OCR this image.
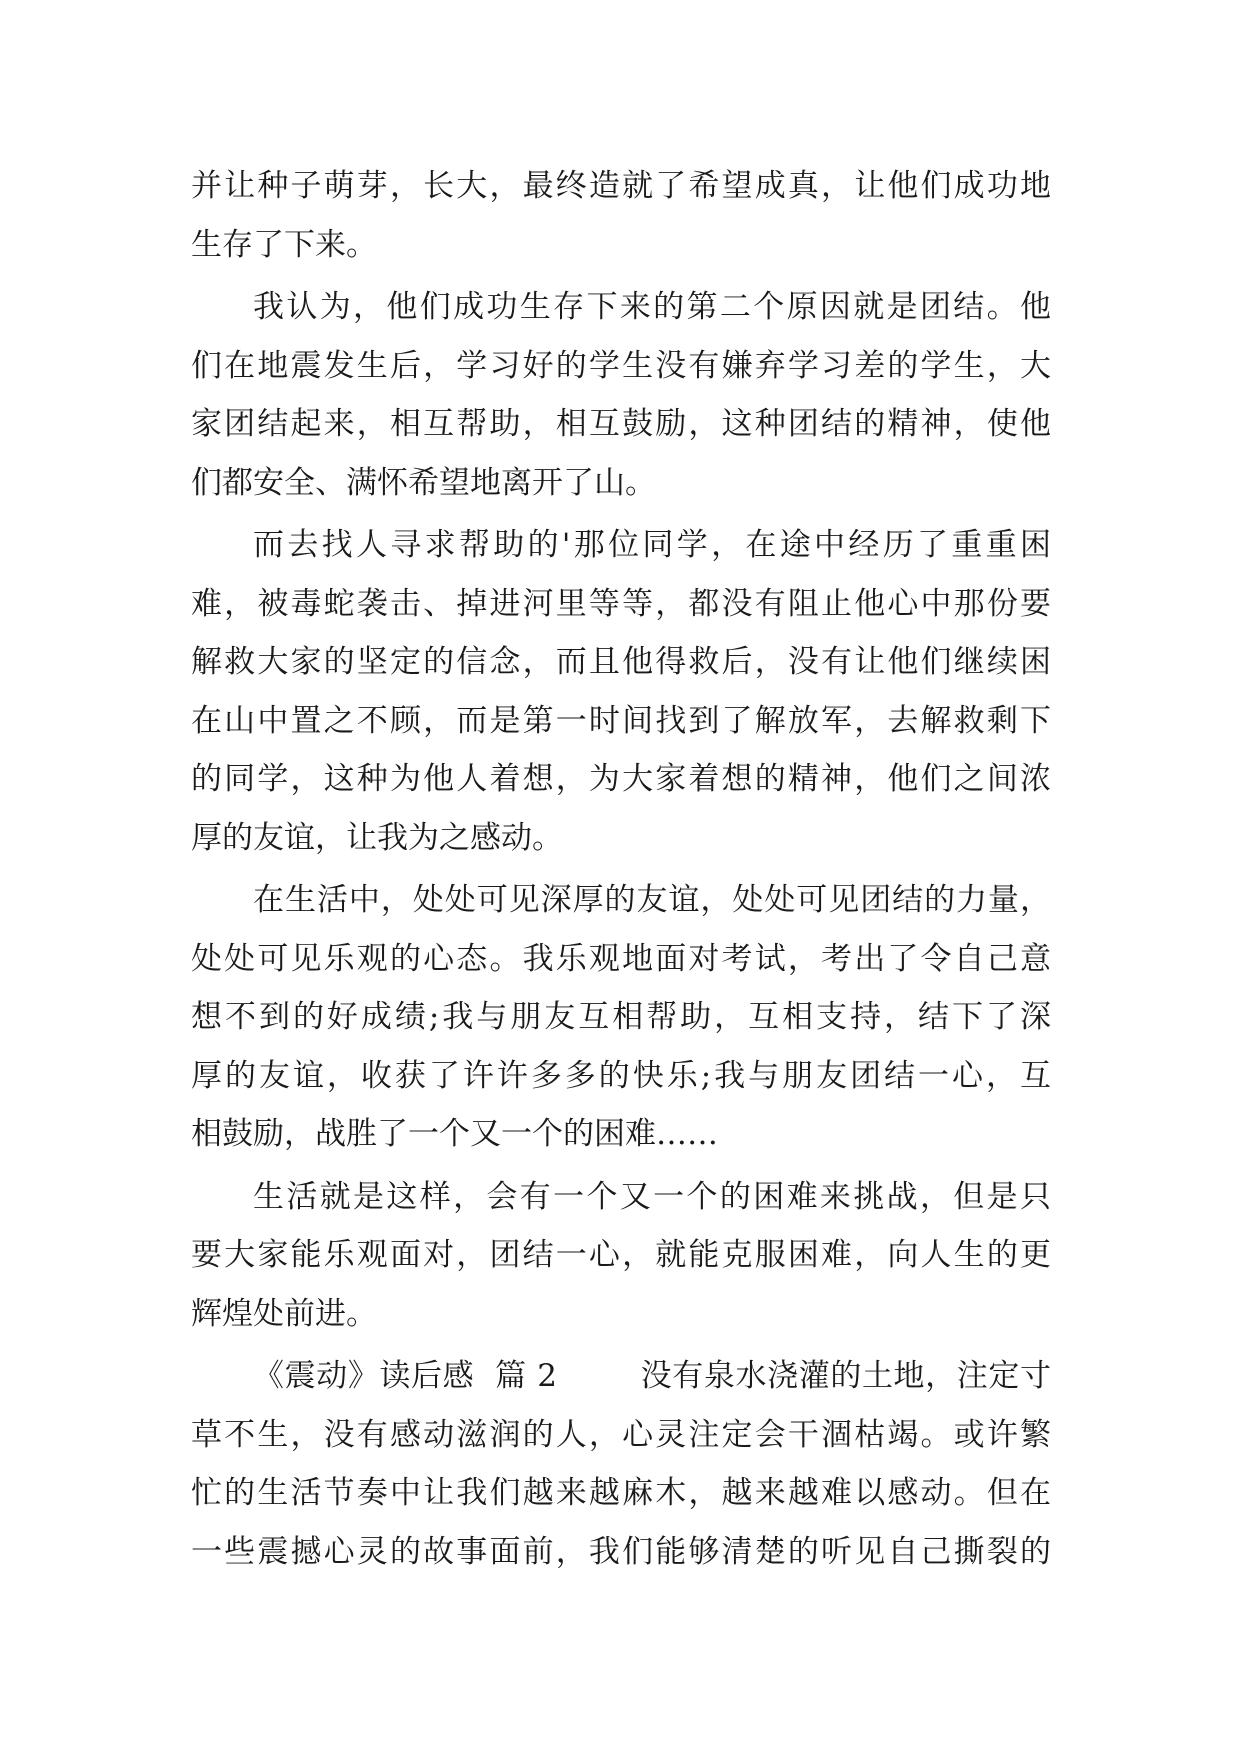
并让种子萌芽，长大，最终造就了希望成真，让他们成功地
生存了下来。
我认为，他们成功生存下来的第二个原因就是团结。他
们在地震发生后，学习好的学生没有嫌弃学习差的学生，大
家团结起来，相互帮助，相互鼓励，这种团结的精神，使他
们都安全、满怀希望地离开了山。
而去找人寻求帮助的'那位同学，在途中经历了重重困
难，被毒蛇袭击、掉进河里等等，都没有阻止他心中那份要
解救大家的坚定的信念，而且他得救后，没有让他们继续困
在山中置之不顾，而是第一时间找到了解放军，去解救剩下
的同学，这种为他人着想，为大家着想的精神，他们之间浓
厚的友谊，让我为之感动。
在生活中，处处可见深厚的友谊，处处可见团结的力量，
处处可见乐观的心态。我乐观地面对考试，考出了令自己意
想不到的好成绩;我与朋友互相帮助，互相支持，结下了深
厚的友谊，收获了许许多多的快乐;我与朋友团结一心，互
相鼓励，战胜了一个又一个的困难……
生活就是这样，会有一个又一个的困难来挑战，但是只
要大家能乐观面对，团结一心，就能克服困难，向人生的更
辉煌处前进。
《震动》读后感  篇 2        没有泉水浇灌的土地，注定寸
草不生，没有感动滋润的人，心灵注定会干涸枯竭。或许繁
忙的生活节奏中让我们越来越麻木，越来越难以感动。但在
一些震撼心灵的故事面前，我们能够清楚的听见自己撕裂的
